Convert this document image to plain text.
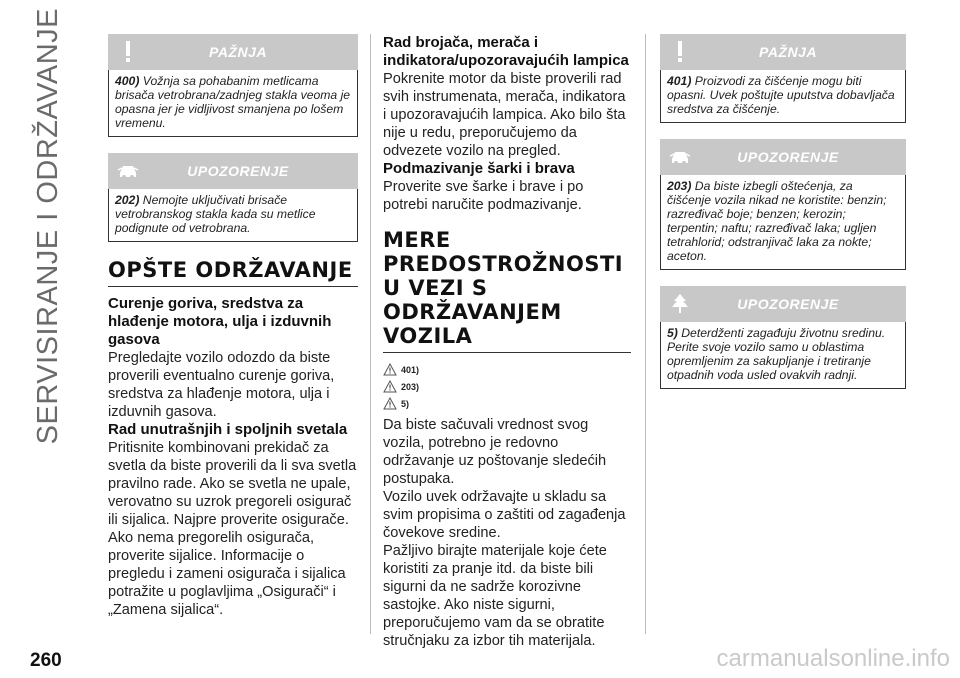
SERVISIRANJE I ODRŽAVANJE	PAŽNJA
400) Vožnja sa pohabanim metlicama brisača vetrobrana/zadnjeg stakla veoma je opasna jer je vidljivost smanjena po lošem vremenu.
UPOZORENJE
202) Nemojte uključivati brisače vetrobranskog stakla kada su metlice podignute od vetrobrana.
OPŠTE ODRŽAVANJE

Curenje goriva, sredstva za hlađenje motora, ulja i izduvnih gasova

Pregledajte vozilo odozdo da biste proverili eventualno curenje goriva, sredstva za hlađenje motora, ulja i izduvnih gasova.

Rad unutrašnjih i spoljnih svetala

Pritisnite kombinovani prekidač za svetla da biste proverili da li sva svetla pravilno rade. Ako se svetla ne upale, verovatno su uzrok pregoreli osigurač ili sijalica. Najpre proverite osigurače. Ako nema pregorelih osigurača, proverite sijalice. Informacije o pregledu i zameni osigurača i sijalica potražite u poglavljima „Osigurači“ i „Zamena sijalica“.

Rad brojača, merača i indikatora/upozoravajućih lampica

Pokrenite motor da biste proverili rad svih instrumenata, merača, indikatora i upozoravajućih lampica. Ako bilo šta nije u redu, preporučujemo da odvezete vozilo na pregled.

Podmazivanje šarki i brava

Proverite sve šarke i brave i po potrebi naručite podmazivanje.

MERE PREDOSTROŽNOSTI U VEZI S ODRŽAVANJEM VOZILA
401)
203)
5)

Da biste sačuvali vrednost svog vozila, potrebno je redovno održavanje uz poštovanje sledećih postupaka.

Vozilo uvek održavajte u skladu sa svim propisima o zaštiti od zagađenja čovekove sredine.

Pažljivo birajte materijale koje ćete koristiti za pranje itd. da biste bili sigurni da ne sadrže korozivne sastojke. Ako niste sigurni, preporučujemo vam da se obratite stručnjaku za izbor tih materijala.

PAŽNJA
401) Proizvodi za čišćenje mogu biti opasni. Uvek poštujte uputstva dobavljača sredstva za čišćenje.
UPOZORENJE
203) Da biste izbegli oštećenja, za čišćenje vozila nikad ne koristite: benzin; razređivač boje; benzen; kerozin; terpentin; naftu; razređivač laka; ugljen tetrahlorid; odstranjivač laka za nokte; aceton.
UPOZORENJE
5) Deterdženti zagađuju životnu sredinu. Perite svoje vozilo samo u oblastima opremljenim za sakupljanje i tretiranje otpadnih voda usled ovakvih radnji.
260	carmanualsonline.info
